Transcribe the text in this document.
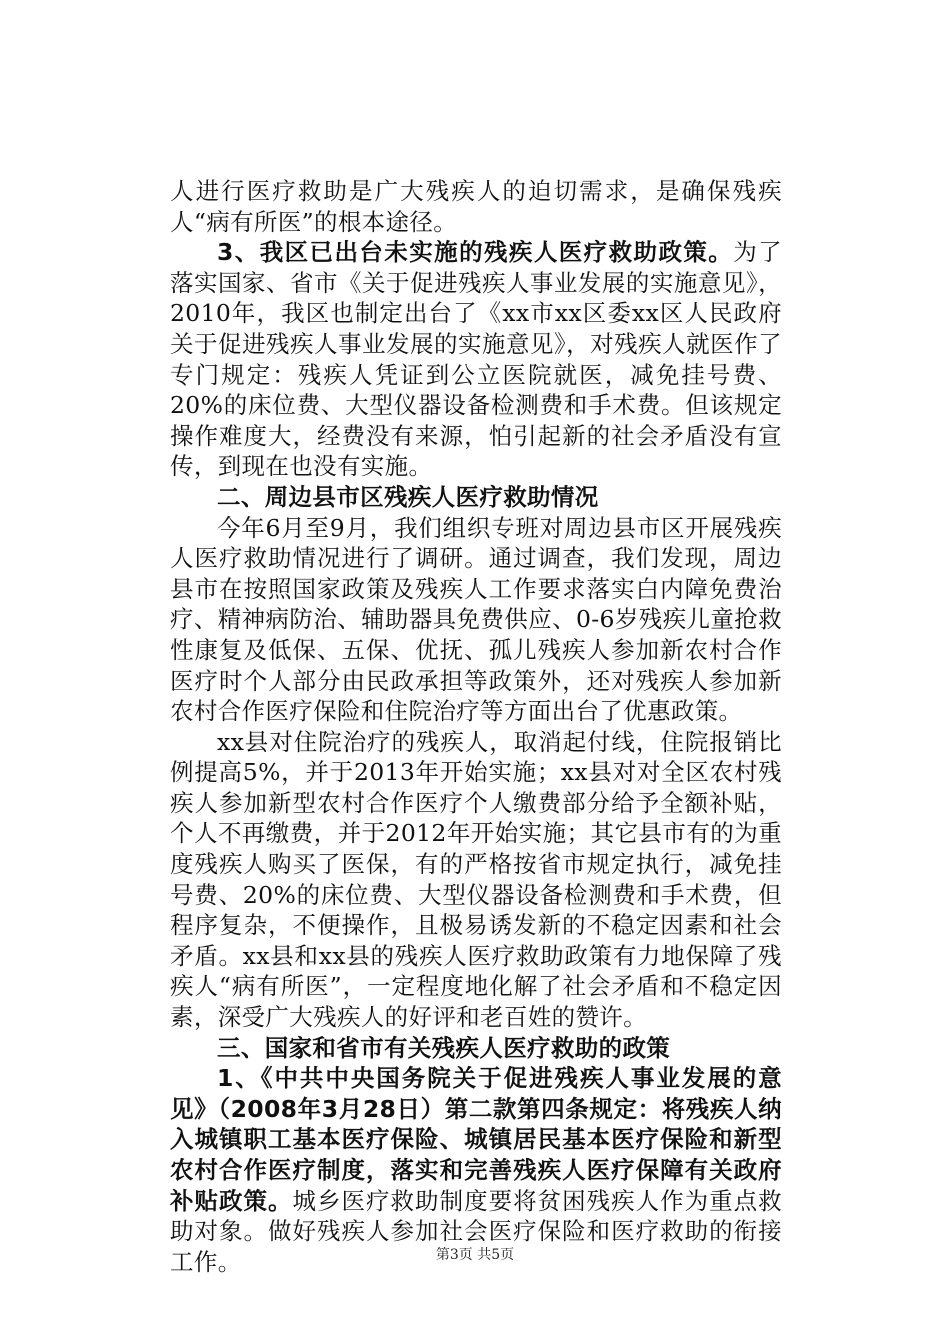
人进行医疗救助是广大残疾人的迫切需求，是确保残疾人“病有所医”的根本途径。

3、我区已出台未实施的残疾人医疗救助政策。为了落实国家、省市《关于促进残疾人事业发展的实施意见》，2010年，我区也制定出台了《xx市xx区委xx区人民政府关于促进残疾人事业发展的实施意见》，对残疾人就医作了专门规定：残疾人凭证到公立医院就医，减免挂号费、20%的床位费、大型仪器设备检测费和手术费。但该规定操作难度大，经费没有来源，怕引起新的社会矛盾没有宣传，到现在也没有实施。

二、周边县市区残疾人医疗救助情况

今年6月至9月，我们组织专班对周边县市区开展残疾人医疗救助情况进行了调研。通过调查，我们发现，周边县市在按照国家政策及残疾人工作要求落实白内障免费治疗、精神病防治、辅助器具免费供应、0-6岁残疾儿童抢救性康复及低保、五保、优抚、孤儿残疾人参加新农村合作医疗时个人部分由民政承担等政策外，还对残疾人参加新农村合作医疗保险和住院治疗等方面出台了优惠政策。

xx县对住院治疗的残疾人，取消起付线，住院报销比例提高5%，并于2013年开始实施；xx县对对全区农村残疾人参加新型农村合作医疗个人缴费部分给予全额补贴，个人不再缴费，并于2012年开始实施；其它县市有的为重度残疾人购买了医保，有的严格按省市规定执行，减免挂号费、20%的床位费、大型仪器设备检测费和手术费，但程序复杂，不便操作，且极易诱发新的不稳定因素和社会矛盾。xx县和xx县的残疾人医疗救助政策有力地保障了残疾人“病有所医”，一定程度地化解了社会矛盾和不稳定因素，深受广大残疾人的好评和老百姓的赞许。

三、国家和省市有关残疾人医疗救助的政策

1、《中共中央国务院关于促进残疾人事业发展的意见》（2008年3月28日）第二款第四条规定：将残疾人纳入城镇职工基本医疗保险、城镇居民基本医疗保险和新型农村合作医疗制度，落实和完善残疾人医疗保障有关政府补贴政策。城乡医疗救助制度要将贫困残疾人作为重点救助对象。做好残疾人参加社会医疗保险和医疗救助的衔接工作。	第3页 共5页
